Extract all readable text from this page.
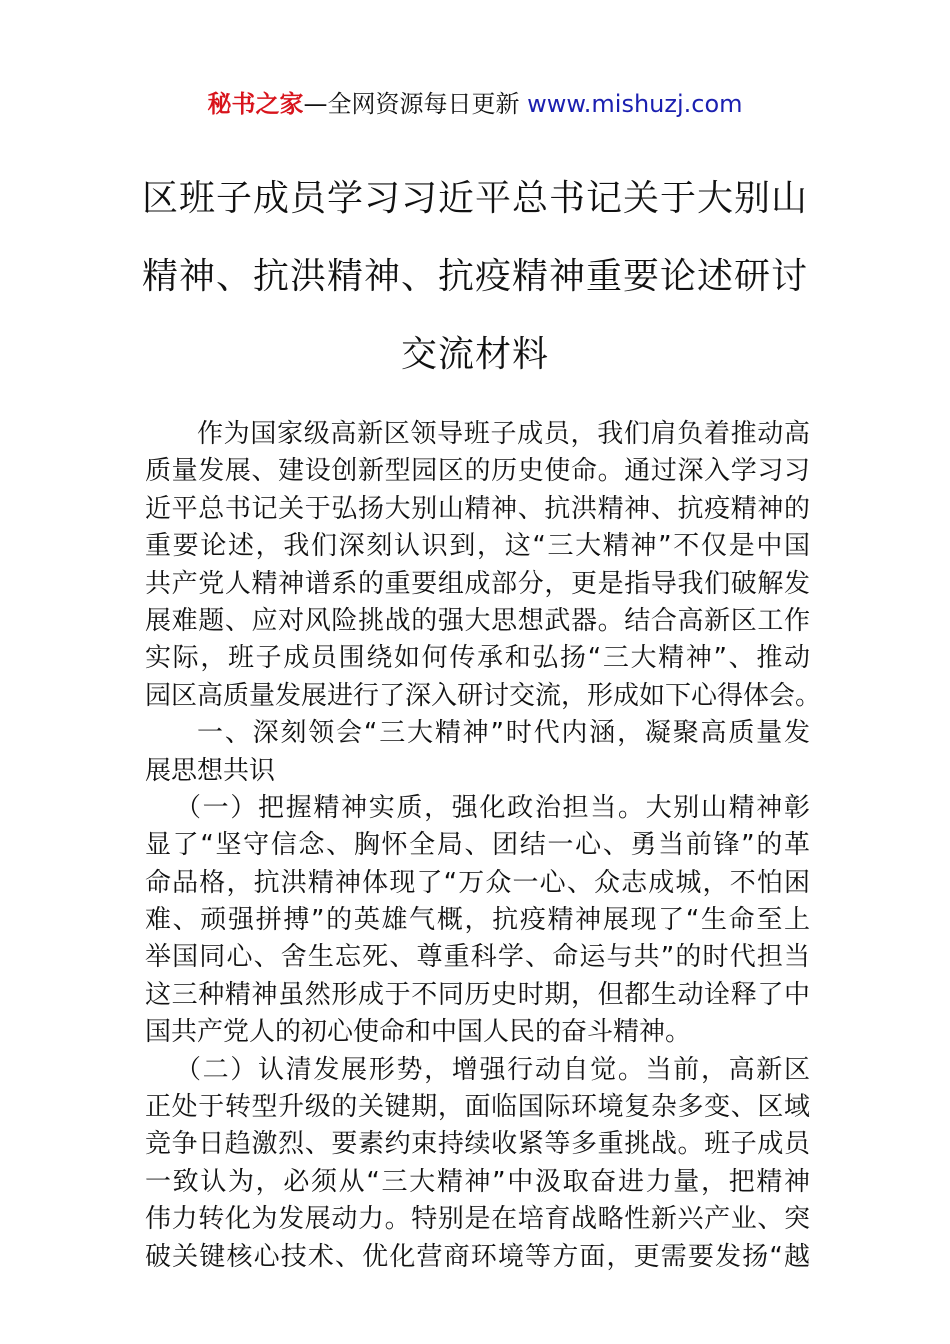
秘书之家—全网资源每日更新 www.mishuzj.com
区班子成员学习习近平总书记关于大别山
精神、抗洪精神、抗疫精神重要论述研讨
交流材料
作为国家级高新区领导班子成员，我们肩负着推动高
质量发展、建设创新型园区的历史使命。通过深入学习习
近平总书记关于弘扬大别山精神、抗洪精神、抗疫精神的
重要论述，我们深刻认识到，这“三大精神”不仅是中国
共产党人精神谱系的重要组成部分，更是指导我们破解发
展难题、应对风险挑战的强大思想武器。结合高新区工作
实际，班子成员围绕如何传承和弘扬“三大精神”、推动
园区高质量发展进行了深入研讨交流，形成如下心得体会。
一、深刻领会“三大精神”时代内涵，凝聚高质量发
展思想共识
（一）把握精神实质，强化政治担当。大别山精神彰
显了“坚守信念、胸怀全局、团结一心、勇当前锋”的革
命品格，抗洪精神体现了“万众一心、众志成城，不怕困
难、顽强拼搏”的英雄气概，抗疫精神展现了“生命至上
举国同心、舍生忘死、尊重科学、命运与共”的时代担当
这三种精神虽然形成于不同历史时期，但都生动诠释了中
国共产党人的初心使命和中国人民的奋斗精神。
（二）认清发展形势，增强行动自觉。当前，高新区
正处于转型升级的关键期，面临国际环境复杂多变、区域
竞争日趋激烈、要素约束持续收紧等多重挑战。班子成员
一致认为，必须从“三大精神”中汲取奋进力量，把精神
伟力转化为发展动力。特别是在培育战略性新兴产业、突
破关键核心技术、优化营商环境等方面，更需要发扬“越
